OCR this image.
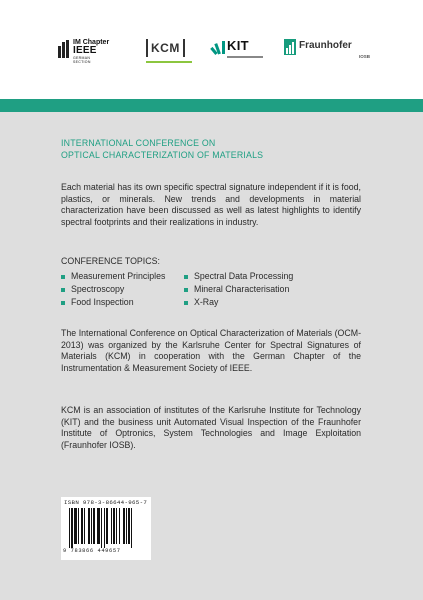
IM Chapter
IEEE
GERMAN
SECTION
KCM	KIT	Fraunhofer
IOSB
INTERNATIONAL CONFERENCE ON
OPTICAL CHARACTERIZATION OF MATERIALS

Each material has its own specific spectral signature independent if it is food, plastics, or minerals. New trends and developments in material characterization have been discussed as well as latest highlights to identify spectral footprints and their realizations in industry.

CONFERENCE TOPICS:
Measurement Principles
Spectroscopy
Food Inspection
Spectral Data Processing
Mineral Characterisation
X-Ray

The International Conference on Optical Characterization of Materials (OCM-2013) was organized by the Karlsruhe Center for Spectral Signatures of Materials (KCM) in cooperation with the German Chapter of the Instrumentation & Measurement Society of IEEE.

KCM is an association of institutes of the Karlsruhe Institute for Technology (KIT) and the business unit Automated Visual Inspection of the Fraunhofer Institute of Optronics, System Technologies and Image Exploitation (Fraunhofer IOSB).

ISBN 978-3-86644-965-7
9 783866 449657
